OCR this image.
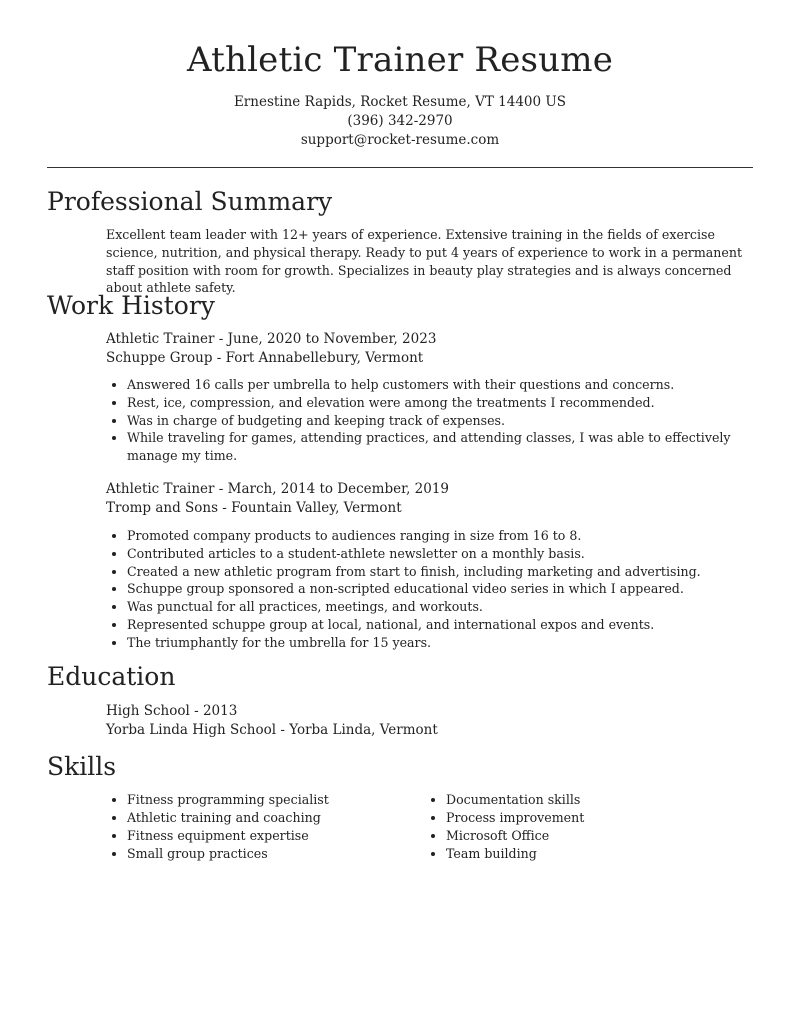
Athletic Trainer Resume

Ernestine Rapids, Rocket Resume, VT 14400 US

(396) 342-2970

support@rocket-resume.com

Professional Summary
Excellent team leader with 12+ years of experience. Extensive training in the fields of exercise science, nutrition, and physical therapy. Ready to put 4 years of experience to work in a permanent staff position with room for growth. Specializes in beauty play strategies and is always concerned about athlete safety.
Work History

Athletic Trainer - June, 2020 to November, 2023

Schuppe Group - Fort Annabellebury, Vermont

• Answered 16 calls per umbrella to help customers with their questions and concerns.
• Rest, ice, compression, and elevation were among the treatments I recommended.
• Was in charge of budgeting and keeping track of expenses.
• While traveling for games, attending practices, and attending classes, I was able to effectively manage my time.

Athletic Trainer - March, 2014 to December, 2019

Tromp and Sons - Fountain Valley, Vermont

• Promoted company products to audiences ranging in size from 16 to 8.
• Contributed articles to a student-athlete newsletter on a monthly basis.
• Created a new athletic program from start to finish, including marketing and advertising.
• Schuppe group sponsored a non-scripted educational video series in which I appeared.
• Was punctual for all practices, meetings, and workouts.
• Represented schuppe group at local, national, and international expos and events.
• The triumphantly for the umbrella for 15 years.
Education

High School - 2013

Yorba Linda High School - Yorba Linda, Vermont

Skills
• Fitness programming specialist
• Athletic training and coaching
• Fitness equipment expertise
• Small group practices
• Documentation skills
• Process improvement
• Microsoft Office
• Team building
